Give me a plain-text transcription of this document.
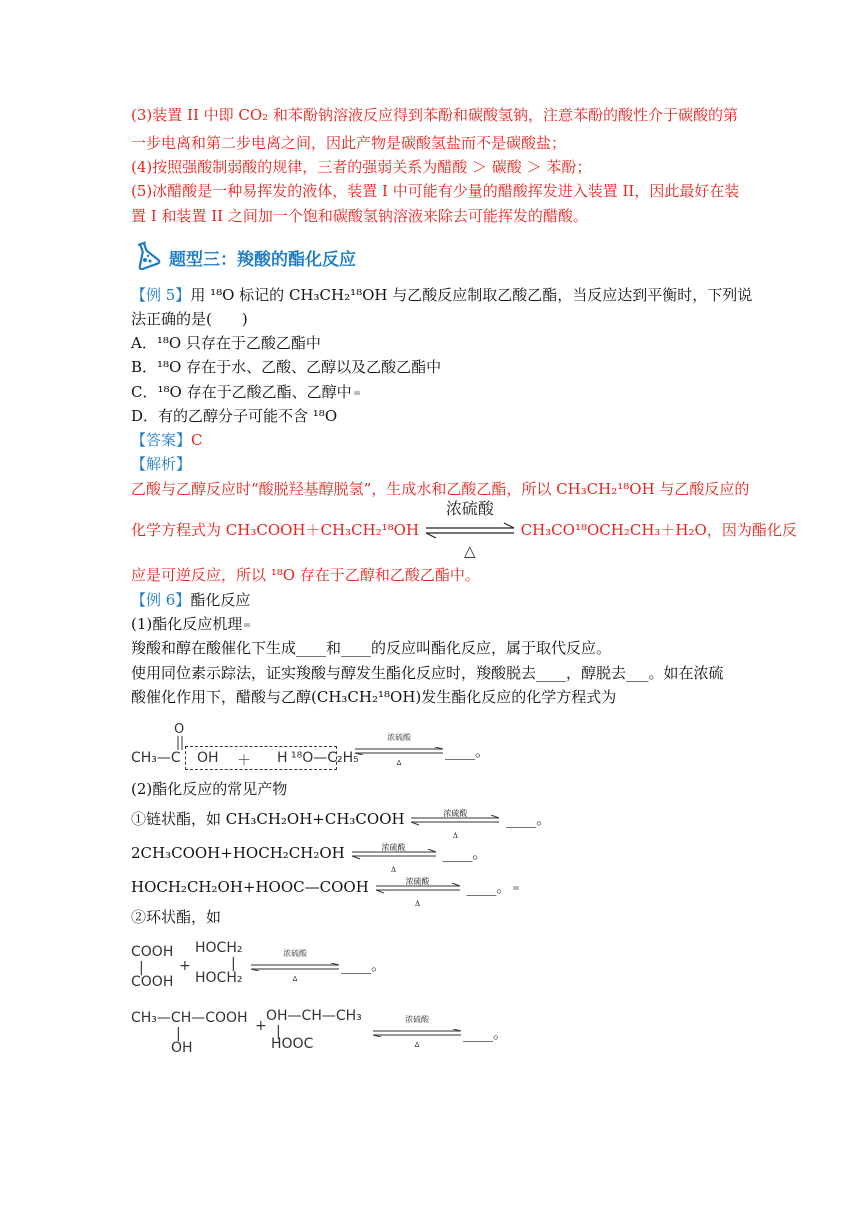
(3)装置 II 中即 CO₂ 和苯酚钠溶液反应得到苯酚和碳酸氢钠，注意苯酚的酸性介于碳酸的第
一步电离和第二步电离之间，因此产物是碳酸氢盐而不是碳酸盐；
(4)按照强酸制弱酸的规律，三者的强弱关系为醋酸 ＞ 碳酸 ＞ 苯酚；
(5)冰醋酸是一种易挥发的液体，装置 I 中可能有少量的醋酸挥发进入装置 II，因此最好在装
置 I 和装置 II 之间加一个饱和碳酸氢钠溶液来除去可能挥发的醋酸。
题型三：羧酸的酯化反应
【例 5】用 ¹⁸O 标记的 CH₃CH₂¹⁸OH 与乙酸反应制取乙酸乙酯，当反应达到平衡时，下列说
法正确的是(　　)
A．¹⁸O 只存在于乙酸乙酯中
B．¹⁸O 存在于水、乙酸、乙醇以及乙酸乙酯中
C．¹⁸O 存在于乙酸乙酯、乙醇中
D．有的乙醇分子可能不含 ¹⁸O
【答案】C
【解析】
乙酸与乙醇反应时“酸脱羟基醇脱氢”，生成水和乙酸乙酯，所以 CH₃CH₂¹⁸OH 与乙酸反应的
化学方程式为 CH₃COOH＋CH₃CH₂¹⁸OH
浓硫酸
△
CH₃CO¹⁸OCH₂CH₃＋H₂O，因为酯化反
应是可逆反应，所以 ¹⁸O 存在于乙醇和乙酸乙酯中。
【例 6】酯化反应
(1)酯化反应机理
羧酸和醇在酸催化下生成____和____的反应叫酯化反应，属于取代反应。
使用同位素示踪法，证实羧酸与醇发生酯化反应时，羧酸脱去____，醇脱去___。如在浓硫
酸催化作用下，醋酸与乙醇(CH₃CH₂¹⁸OH)发生酯化反应的化学方程式为
O
CH₃—C OH ＋ H ¹⁸O—C₂H₅
浓硫酸
Δ
____。
(2)酯化反应的常见产物
①链状酯，如 CH₃CH₂OH+CH₃COOH	浓硫酸
Δ
____。
2CH₃COOH+HOCH₂CH₂OH	浓硫酸
Δ
____。
HOCH₂CH₂OH+HOOC—COOH	浓硫酸
Δ
____。
②环状酯，如
COOH
|
COOH
+
HOCH₂
|
HOCH₂
浓硫酸
Δ
____。
CH₃—CH—COOH
|
OH
+
OH—CH—CH₃
|
HOOC
浓硫酸
Δ
____。
